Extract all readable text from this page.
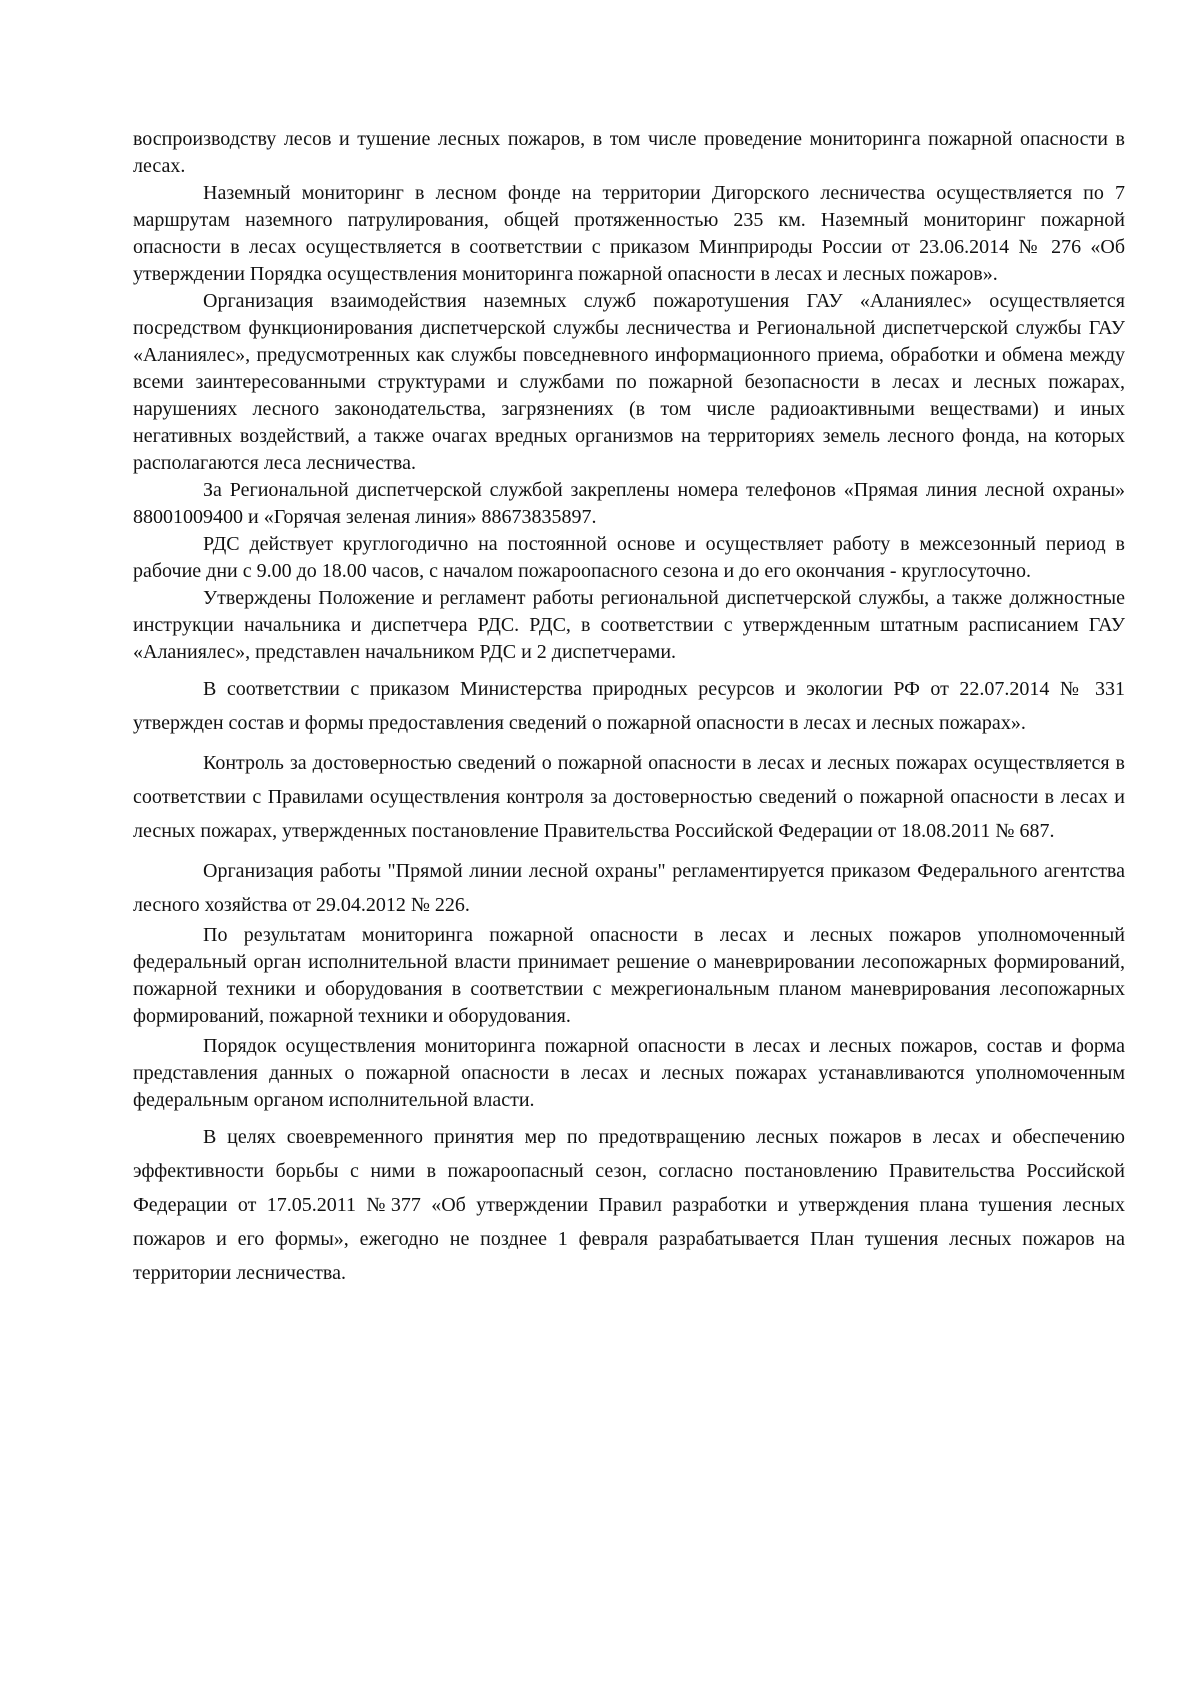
воспроизводству лесов и тушение лесных пожаров, в том числе проведение мониторинга пожарной опасности в лесах.

Наземный мониторинг в лесном фонде на территории Дигорского лесничества осуществляется по 7 маршрутам наземного патрулирования, общей протяженностью 235 км. Наземный мониторинг пожарной опасности в лесах осуществляется в соответствии с приказом Минприроды России от 23.06.2014 № 276 «Об утверждении Порядка осуществления мониторинга пожарной опасности в лесах и лесных пожаров».

Организация взаимодействия наземных служб пожаротушения ГАУ «Аланиялес» осуществляется посредством функционирования диспетчерской службы лесничества и Региональной диспетчерской службы ГАУ «Аланиялес», предусмотренных как службы повседневного информационного приема, обработки и обмена между всеми заинтересованными структурами и службами по пожарной безопасности в лесах и лесных пожарах, нарушениях лесного законодательства, загрязнениях (в том числе радиоактивными веществами) и иных негативных воздействий, а также очагах вредных организмов на территориях земель лесного фонда, на которых располагаются леса лесничества.

За Региональной диспетчерской службой закреплены номера телефонов «Прямая линия лесной охраны» 88001009400 и «Горячая зеленая линия» 88673835897.

РДС действует круглогодично на постоянной основе и осуществляет работу в межсезонный период в рабочие дни с 9.00 до 18.00 часов, с началом пожароопасного сезона и до его окончания - круглосуточно.

Утверждены Положение и регламент работы региональной диспетчерской службы, а также должностные инструкции начальника и диспетчера РДС. РДС, в соответствии с утвержденным штатным расписанием ГАУ «Аланиялес», представлен начальником РДС и 2 диспетчерами.

В соответствии с приказом Министерства природных ресурсов и экологии РФ от 22.07.2014 № 331 утвержден состав и формы предоставления сведений о пожарной опасности в лесах и лесных пожарах».

Контроль за достоверностью сведений о пожарной опасности в лесах и лесных пожарах осуществляется в соответствии с Правилами осуществления контроля за достоверностью сведений о пожарной опасности в лесах и лесных пожарах, утвержденных постановление Правительства Российской Федерации от 18.08.2011 № 687.

Организация работы "Прямой линии лесной охраны" регламентируется приказом Федерального агентства лесного хозяйства от 29.04.2012 № 226.

По результатам мониторинга пожарной опасности в лесах и лесных пожаров уполномоченный федеральный орган исполнительной власти принимает решение о маневрировании лесопожарных формирований, пожарной техники и оборудования в соответствии с межрегиональным планом маневрирования лесопожарных формирований, пожарной техники и оборудования.

Порядок осуществления мониторинга пожарной опасности в лесах и лесных пожаров, состав и форма представления данных о пожарной опасности в лесах и лесных пожарах устанавливаются уполномоченным федеральным органом исполнительной власти.

В целях своевременного принятия мер по предотвращению лесных пожаров в лесах и обеспечению эффективности борьбы с ними в пожароопасный сезон, согласно постановлению Правительства Российской Федерации от 17.05.2011 №377 «Об утверждении Правил разработки и утверждения плана тушения лесных пожаров и его формы», ежегодно не позднее 1 февраля разрабатывается План тушения лесных пожаров на территории лесничества.
